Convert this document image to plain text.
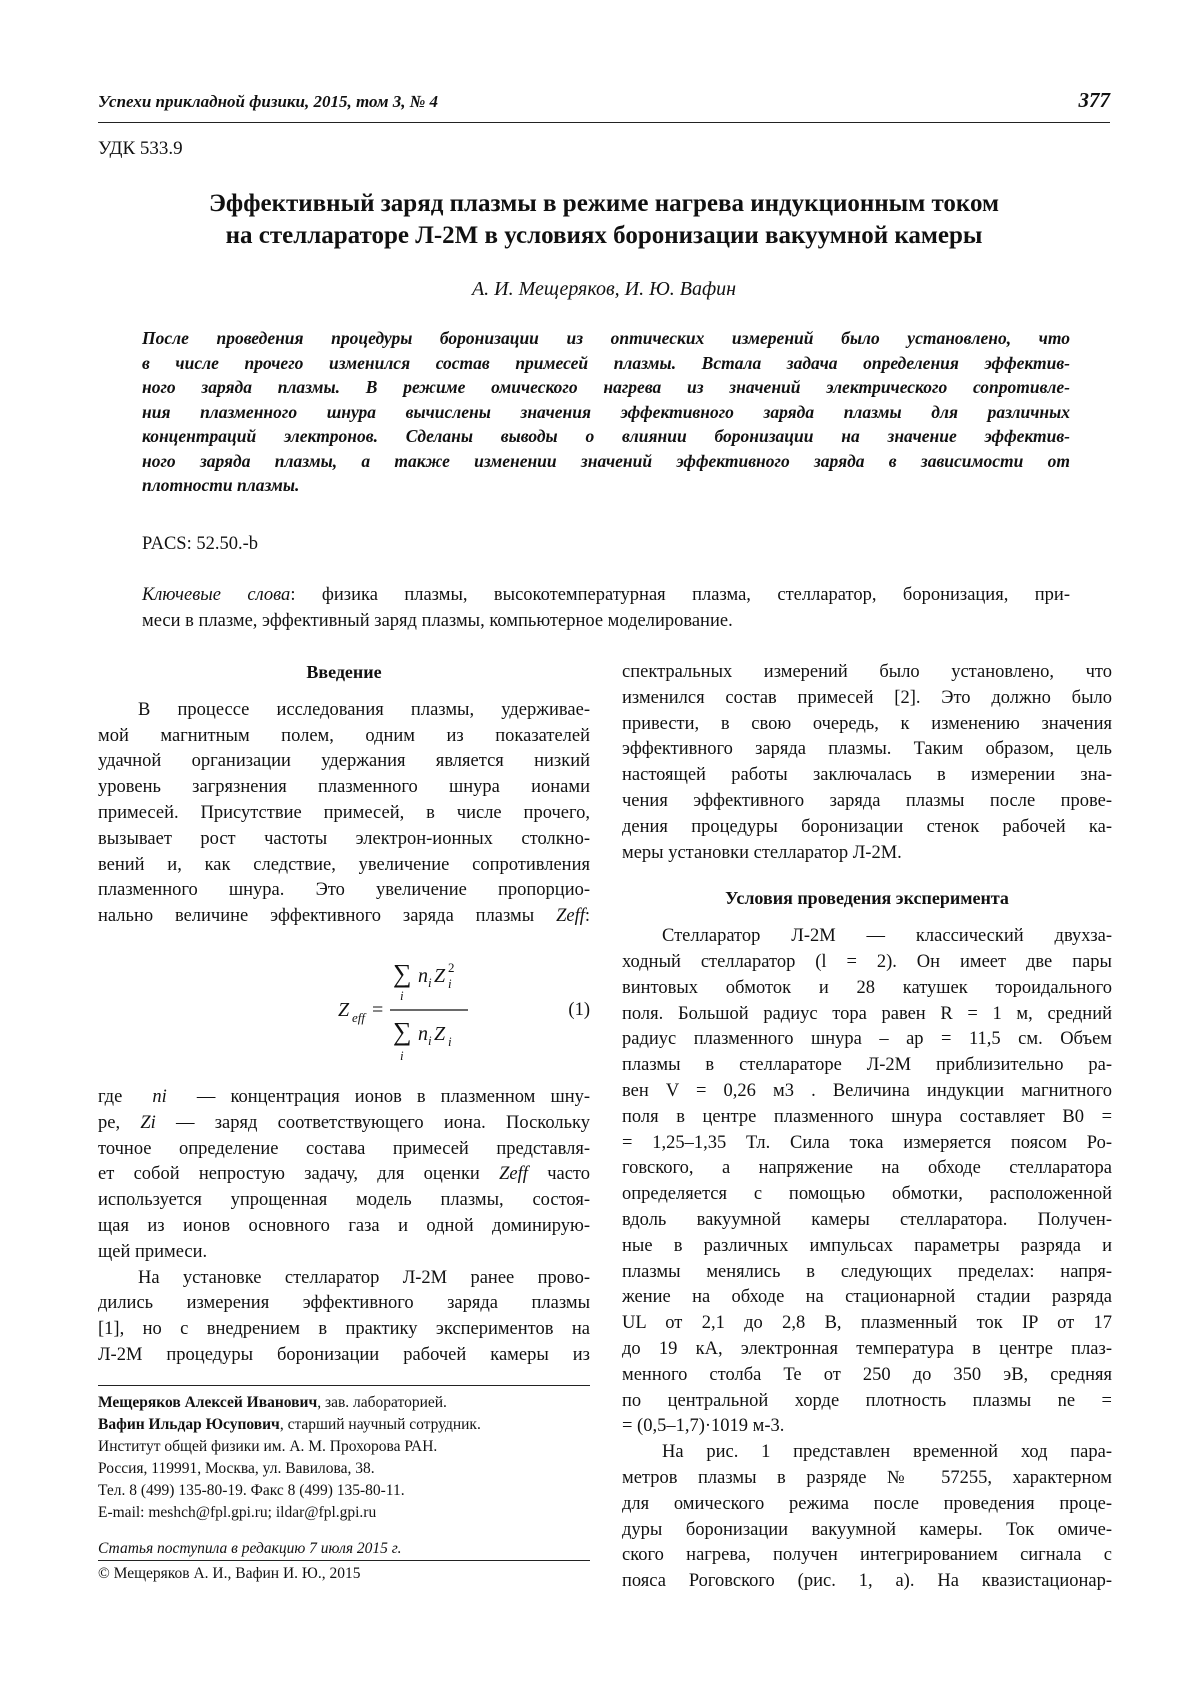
Успехи прикладной физики, 2015, том 3, № 4	377
УДК 533.9
Эффективный заряд плазмы в режиме нагрева индукционным током
на стеллараторе Л-2М в условиях боронизации вакуумной камеры
А. И. Мещеряков, И. Ю. Вафин
После проведения процедуры боронизации из оптических измерений было установлено, что
в числе прочего изменился состав примесей плазмы. Встала задача определения эффектив-
ного заряда плазмы. В режиме омического нагрева из значений электрического сопротивле-
ния плазменного шнура вычислены значения эффективного заряда плазмы для различных
концентраций электронов. Сделаны выводы о влиянии боронизации на значение эффектив-
ного заряда плазмы, а также изменении значений эффективного заряда в зависимости от
плотности плазмы.
PACS: 52.50.-b
Ключевые слова: физика плазмы, высокотемпературная плазма, стелларатор, боронизация, при-
меси в плазме, эффективный заряд плазмы, компьютерное моделирование.
Введение
В процессе исследования плазмы, удерживае-
мой магнитным полем, одним из показателей
удачной организации удержания является низкий
уровень загрязнения плазменного шнура ионами
примесей. Присутствие примесей, в числе прочего,
вызывает рост частоты электрон-ионных столкно-
вений и, как следствие, увеличение сопротивления
плазменного шнура. Это увеличение пропорцио-
нально величине эффективного заряда плазмы Zeff:
∑ n i Z i
2
i
∑ n i Z i
i
Z eff =	(1)
где ni — концентрация ионов в плазменном шну-
ре, Zi — заряд соответствующего иона. Поскольку
точное определение состава примесей представля-
ет собой непростую задачу, для оценки Zeff часто
используется упрощенная модель плазмы, состоя-
щая из ионов основного газа и одной доминирую-
щей примеси.
На установке стелларатор Л-2М ранее прово-
дились измерения эффективного заряда плазмы
[1], но с внедрением в практику экспериментов на
Л-2М процедуры боронизации рабочей камеры из
Мещеряков Алексей Иванович, зав. лабораторией.
Вафин Ильдар Юсупович, старший научный сотрудник.
Институт общей физики им. А. М. Прохорова РАН.
Россия, 119991, Москва, ул. Вавилова, 38.
Тел. 8 (499) 135-80-19. Факс 8 (499) 135-80-11.
E-mail: meshch@fpl.gpi.ru; ildar@fpl.gpi.ru
Статья поступила в редакцию 7 июля 2015 г.
© Мещеряков А. И., Вафин И. Ю., 2015
спектральных измерений было установлено, что
изменился состав примесей [2]. Это должно было
привести, в свою очередь, к изменению значения
эффективного заряда плазмы. Таким образом, цель
настоящей работы заключалась в измерении зна-
чения эффективного заряда плазмы после прове-
дения процедуры боронизации стенок рабочей ка-
меры установки стелларатор Л-2М.
Условия проведения эксперимента
Стелларатор Л-2М — классический двухза-
ходный стелларатор (l = 2). Он имеет две пары
винтовых обмоток и 28 катушек тороидального
поля. Большой радиус тора равен R = 1 м, средний
радиус плазменного шнура – ap = 11,5 см. Объем
плазмы в стеллараторе Л-2М приблизительно ра-
вен V = 0,26 м3 . Величина индукции магнитного
поля в центре плазменного шнура составляет B0 =
= 1,25–1,35 Тл. Сила тока измеряется поясом Ро-
говского, а напряжение на обходе стелларатора
определяется с помощью обмотки, расположенной
вдоль вакуумной камеры стелларатора. Получен-
ные в различных импульсах параметры разряда и
плазмы менялись в следующих пределах: напря-
жение на обходе на стационарной стадии разряда
UL от 2,1 до 2,8 В, плазменный ток IP от 17
до 19 кА, электронная температура в центре плаз-
менного столба Te от 250 до 350 эВ, средняя
по центральной хорде плотность плазмы ne =
= (0,5–1,7)·1019 м-3.
На рис. 1 представлен временной ход пара-
метров плазмы в разряде № 57255, характерном
для омического режима после проведения проце-
дуры боронизации вакуумной камеры. Ток омиче-
ского нагрева, получен интегрированием сигнала с
пояса Роговского (рис. 1, а). На квазистационар-
